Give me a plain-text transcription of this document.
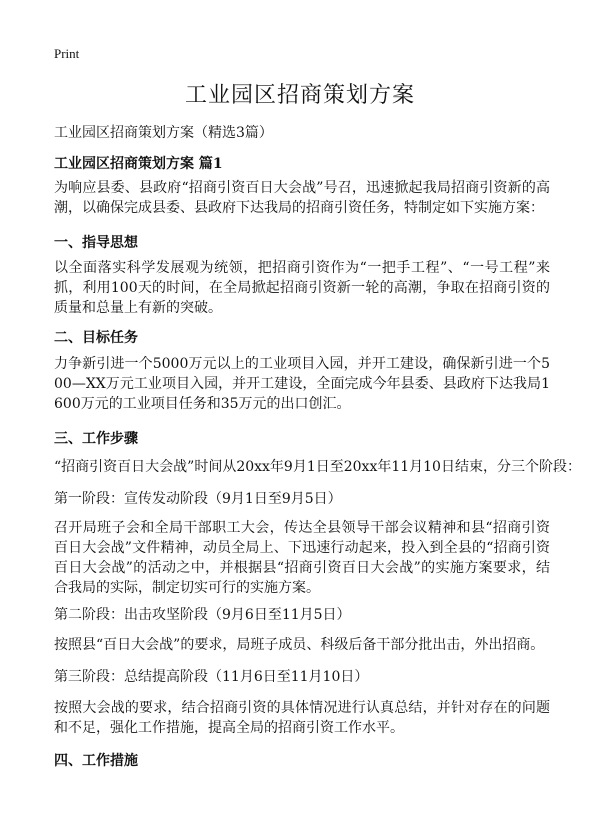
Print
工业园区招商策划方案
工业园区招商策划方案（精选3篇）
工业园区招商策划方案 篇1
为响应县委、县政府“招商引资百日大会战”号召，迅速掀起我局招商引资新的高潮，以确保完成县委、县政府下达我局的招商引资任务，特制定如下实施方案：
一、指导思想
以全面落实科学发展观为统领，把招商引资作为“一把手工程”、“一号工程”来抓，利用100天的时间，在全局掀起招商引资新一轮的高潮，争取在招商引资的质量和总量上有新的突破。
二、目标任务
力争新引进一个5000万元以上的工业项目入园，并开工建设，确保新引进一个500—XX万元工业项目入园，并开工建设，全面完成今年县委、县政府下达我局1600万元的工业项目任务和35万元的出口创汇。
三、工作步骤
“招商引资百日大会战”时间从20xx年9月1日至20xx年11月10日结束，分三个阶段：
第一阶段：宣传发动阶段（9月1日至9月5日）
召开局班子会和全局干部职工大会，传达全县领导干部会议精神和县“招商引资百日大会战”文件精神，动员全局上、下迅速行动起来，投入到全县的“招商引资百日大会战”的活动之中，并根据县“招商引资百日大会战”的实施方案要求，结合我局的实际，制定切实可行的实施方案。
第二阶段：出击攻坚阶段（9月6日至11月5日）
按照县“百日大会战”的要求，局班子成员、科级后备干部分批出击，外出招商。
第三阶段：总结提高阶段（11月6日至11月10日）
按照大会战的要求，结合招商引资的具体情况进行认真总结，并针对存在的问题和不足，强化工作措施，提高全局的招商引资工作水平。
四、工作措施
